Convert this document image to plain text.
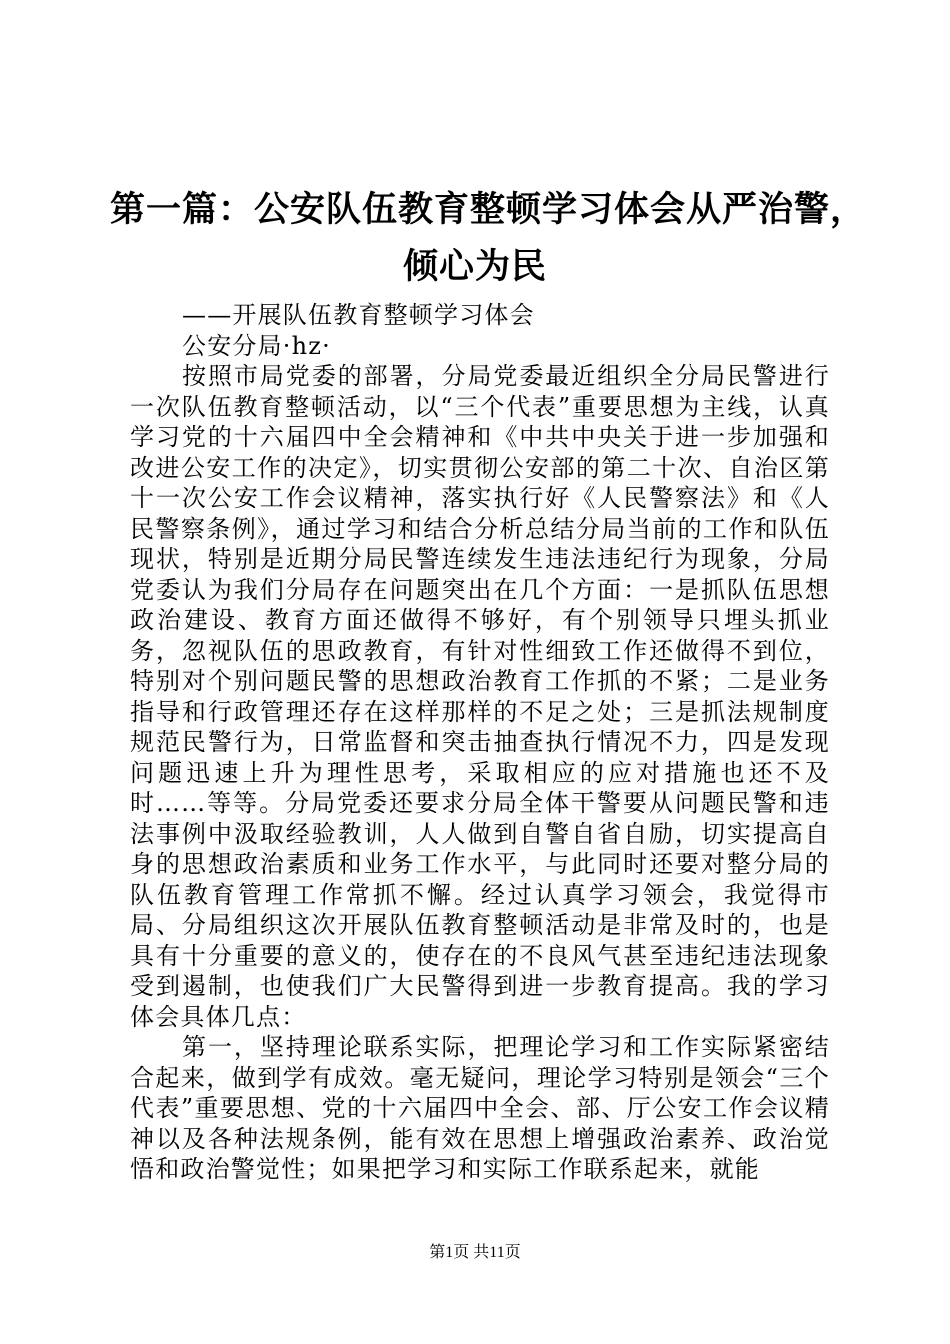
第一篇：公安队伍教育整顿学习体会从严治警，
倾心为民

——开展队伍教育整顿学习体会

公安分局·hz·

按照市局党委的部署，分局党委最近组织全分局民警进行一次队伍教育整顿活动，以“三个代表”重要思想为主线，认真学习党的十六届四中全会精神和《中共中央关于进一步加强和改进公安工作的决定》，切实贯彻公安部的第二十次、自治区第十一次公安工作会议精神，落实执行好《人民警察法》和《人民警察条例》，通过学习和结合分析总结分局当前的工作和队伍现状，特别是近期分局民警连续发生违法违纪行为现象，分局党委认为我们分局存在问题突出在几个方面：一是抓队伍思想政治建设、教育方面还做得不够好，有个别领导只埋头抓业务，忽视队伍的思政教育，有针对性细致工作还做得不到位，特别对个别问题民警的思想政治教育工作抓的不紧；二是业务指导和行政管理还存在这样那样的不足之处；三是抓法规制度规范民警行为，日常监督和突击抽查执行情况不力，四是发现问题迅速上升为理性思考，采取相应的应对措施也还不及时……等等。分局党委还要求分局全体干警要从问题民警和违法事例中汲取经验教训，人人做到自警自省自励，切实提高自身的思想政治素质和业务工作水平，与此同时还要对整分局的队伍教育管理工作常抓不懈。经过认真学习领会，我觉得市局、分局组织这次开展队伍教育整顿活动是非常及时的，也是具有十分重要的意义的，使存在的不良风气甚至违纪违法现象受到遏制，也使我们广大民警得到进一步教育提高。我的学习体会具体几点：

第一，坚持理论联系实际，把理论学习和工作实际紧密结合起来，做到学有成效。毫无疑问，理论学习特别是领会“三个代表”重要思想、党的十六届四中全会、部、厅公安工作会议精神以及各种法规条例，能有效在思想上增强政治素养、政治觉悟和政治警觉性；如果把学习和实际工作联系起来，就能

第1页 共11页
